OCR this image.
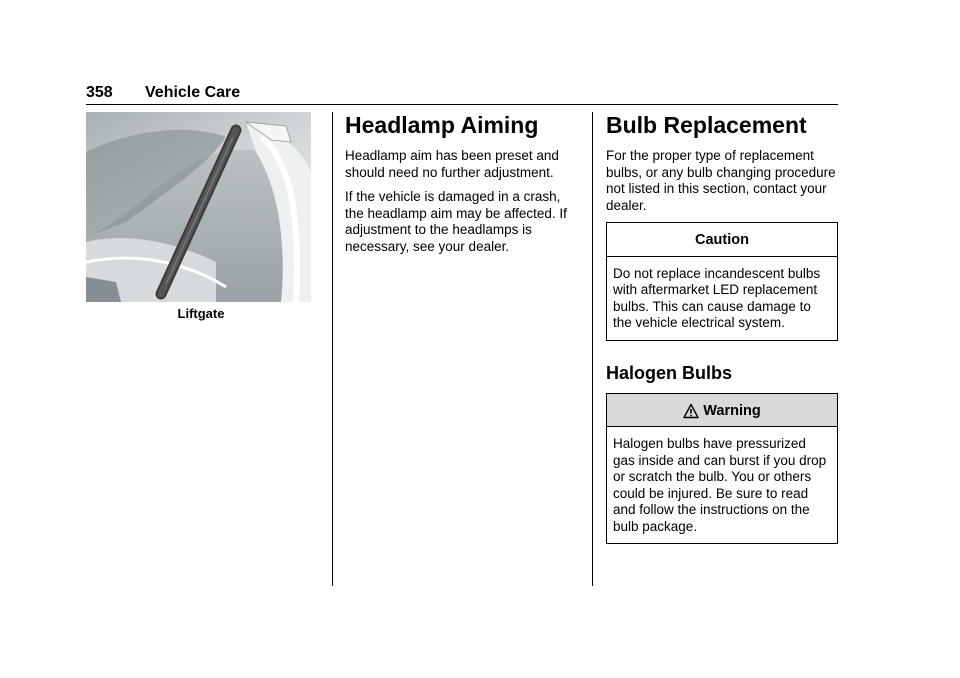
358 Vehicle Care
Liftgate
Headlamp Aiming

Headlamp aim has been preset and should need no further adjustment.

If the vehicle is damaged in a crash, the headlamp aim may be affected. If adjustment to the headlamps is necessary, see your dealer.

Bulb Replacement

For the proper type of replacement bulbs, or any bulb changing procedure not listed in this section, contact your dealer.

Caution
Do not replace incandescent bulbs with aftermarket LED replacement bulbs. This can cause damage to the vehicle electrical system.
Halogen Bulbs
Warning
Halogen bulbs have pressurized gas inside and can burst if you drop or scratch the bulb. You or others could be injured. Be sure to read and follow the instructions on the bulb package.
